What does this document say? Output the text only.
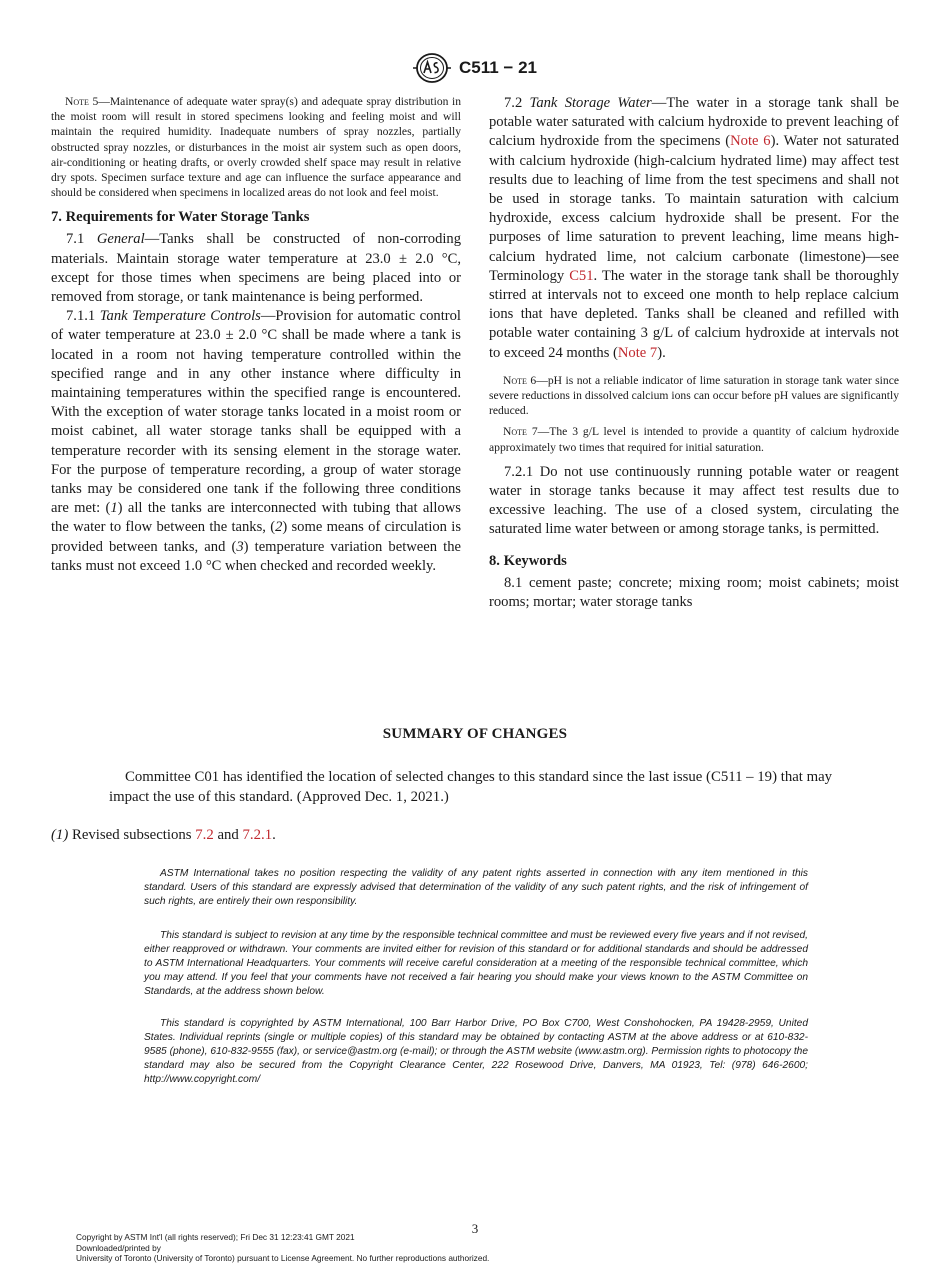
C511 − 21

Note 5—Maintenance of adequate water spray(s) and adequate spray distribution in the moist room will result in stored specimens looking and feeling moist and will maintain the required humidity. Inadequate numbers of spray nozzles, partially obstructed spray nozzles, or disturbances in the moist air system such as open doors, air-conditioning or heating drafts, or overly crowded shelf space may result in relative dry spots. Specimen surface texture and age can influence the surface appearance and should be considered when specimens in localized areas do not look and feel moist.

7. Requirements for Water Storage Tanks

7.1 General—Tanks shall be constructed of non-corroding materials. Maintain storage water temperature at 23.0 ± 2.0 °C, except for those times when specimens are being placed into or removed from storage, or tank maintenance is being performed.

7.1.1 Tank Temperature Controls—Provision for automatic control of water temperature at 23.0 ± 2.0 °C shall be made where a tank is located in a room not having temperature controlled within the specified range and in any other instance where difficulty in maintaining temperatures within the specified range is encountered. With the exception of water storage tanks located in a moist room or moist cabinet, all water storage tanks shall be equipped with a temperature recorder with its sensing element in the storage water. For the purpose of temperature recording, a group of water storage tanks may be considered one tank if the following three conditions are met: (1) all the tanks are interconnected with tubing that allows the water to flow between the tanks, (2) some means of circulation is provided between tanks, and (3) temperature variation between the tanks must not exceed 1.0 °C when checked and recorded weekly.

7.2 Tank Storage Water—The water in a storage tank shall be potable water saturated with calcium hydroxide to prevent leaching of calcium hydroxide from the specimens (Note 6). Water not saturated with calcium hydroxide (high-calcium hydrated lime) may affect test results due to leaching of lime from the test specimens and shall not be used in storage tanks. To maintain saturation with calcium hydroxide, excess calcium hydroxide shall be present. For the purposes of lime saturation to prevent leaching, lime means high-calcium hydrated lime, not calcium carbonate (limestone)—see Terminology C51. The water in the storage tank shall be thoroughly stirred at intervals not to exceed one month to help replace calcium ions that have depleted. Tanks shall be cleaned and refilled with potable water containing 3 g/L of calcium hydroxide at intervals not to exceed 24 months (Note 7).

Note 6—pH is not a reliable indicator of lime saturation in storage tank water since severe reductions in dissolved calcium ions can occur before pH values are significantly reduced.

Note 7—The 3 g/L level is intended to provide a quantity of calcium hydroxide approximately two times that required for initial saturation.

7.2.1 Do not use continuously running potable water or reagent water in storage tanks because it may affect test results due to excessive leaching. The use of a closed system, circulating the saturated lime water between or among storage tanks, is permitted.

8. Keywords

8.1 cement paste; concrete; mixing room; moist cabinets; moist rooms; mortar; water storage tanks

SUMMARY OF CHANGES
Committee C01 has identified the location of selected changes to this standard since the last issue (C511 – 19) that may impact the use of this standard. (Approved Dec. 1, 2021.)
(1) Revised subsections 7.2 and 7.2.1.

ASTM International takes no position respecting the validity of any patent rights asserted in connection with any item mentioned in this standard. Users of this standard are expressly advised that determination of the validity of any such patent rights, and the risk of infringement of such rights, are entirely their own responsibility.

This standard is subject to revision at any time by the responsible technical committee and must be reviewed every five years and if not revised, either reapproved or withdrawn. Your comments are invited either for revision of this standard or for additional standards and should be addressed to ASTM International Headquarters. Your comments will receive careful consideration at a meeting of the responsible technical committee, which you may attend. If you feel that your comments have not received a fair hearing you should make your views known to the ASTM Committee on Standards, at the address shown below.

This standard is copyrighted by ASTM International, 100 Barr Harbor Drive, PO Box C700, West Conshohocken, PA 19428-2959, United States. Individual reprints (single or multiple copies) of this standard may be obtained by contacting ASTM at the above address or at 610-832-9585 (phone), 610-832-9555 (fax), or service@astm.org (e-mail); or through the ASTM website (www.astm.org). Permission rights to photocopy the standard may also be secured from the Copyright Clearance Center, 222 Rosewood Drive, Danvers, MA 01923, Tel: (978) 646-2600; http://www.copyright.com/

3
Copyright by ASTM Int'l (all rights reserved); Fri Dec 31 12:23:41 GMT 2021
Downloaded/printed by
University of Toronto (University of Toronto) pursuant to License Agreement. No further reproductions authorized.
